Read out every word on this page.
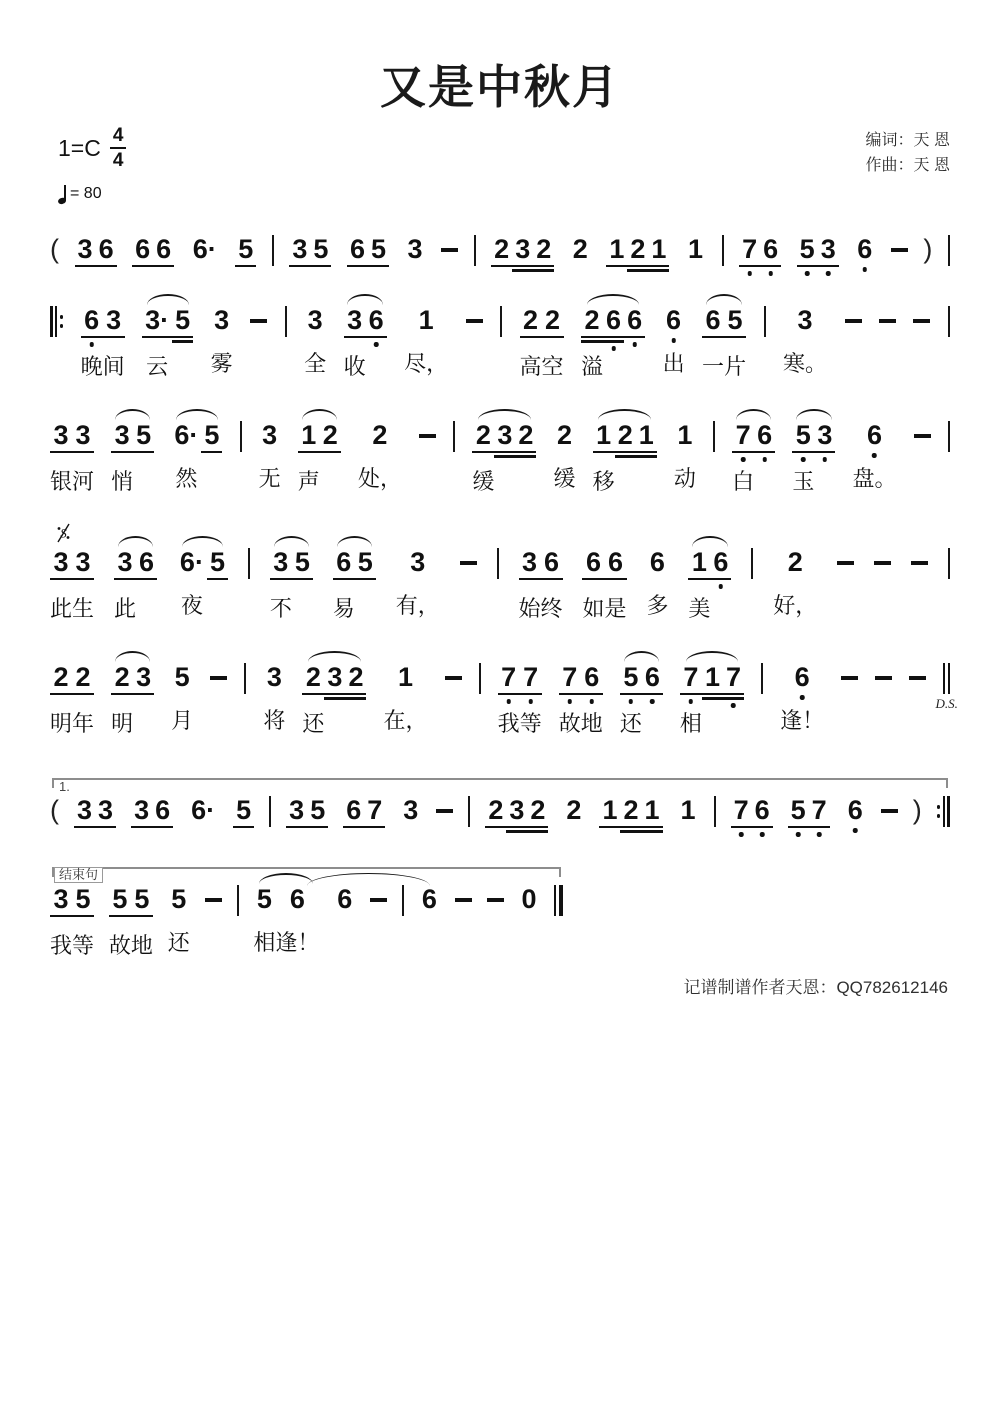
又是中秋月
$1=C \frac{4}{4}$
= 80
编词：天 恩
作曲：天 恩
( 3 6 6 6 6· 5 3 5 6 5 3	2 3 2 2 1 2 1 1 7 6 5 3 6 )
6
晚
3
间
3·
云
5 3
雾
3
全
3
收
6	1
尽，
2
高
2
空
2
溢
6 6 6
出
6
一
5
片
3
寒。
3
银
3
河
3
悄
5 6·
然
5 3
无
1
声
2	2
处，
2
缓
3 2 2
缓
1
移
2 1 1
动
7
白
6 5
玉
3	6
盘。
S
3
此
3
生
3
此
6 6·
夜
5 3
不
5 6
易
5	3
有，
3
始
6
终
6
如
6
是
6
多
1
美
6	2
好，
2
明
2
年
2
明
3 5
月
3
将
2
还
3 2	1
在，
7
我
7
等
7
故
6
地
5
还
6 7
相
1 7	6
逢！
D.S.
1.
( 3 3 3 6 6· 5 3 5 6 7 3	2 3 2 2 1 2 1 1 7 6 5 7 6 )
结束句
3
我
5
等
5
故
5
地
5
还
5
相
6
逢！
6	6	0
记谱制谱作者天恩：QQ782612146
